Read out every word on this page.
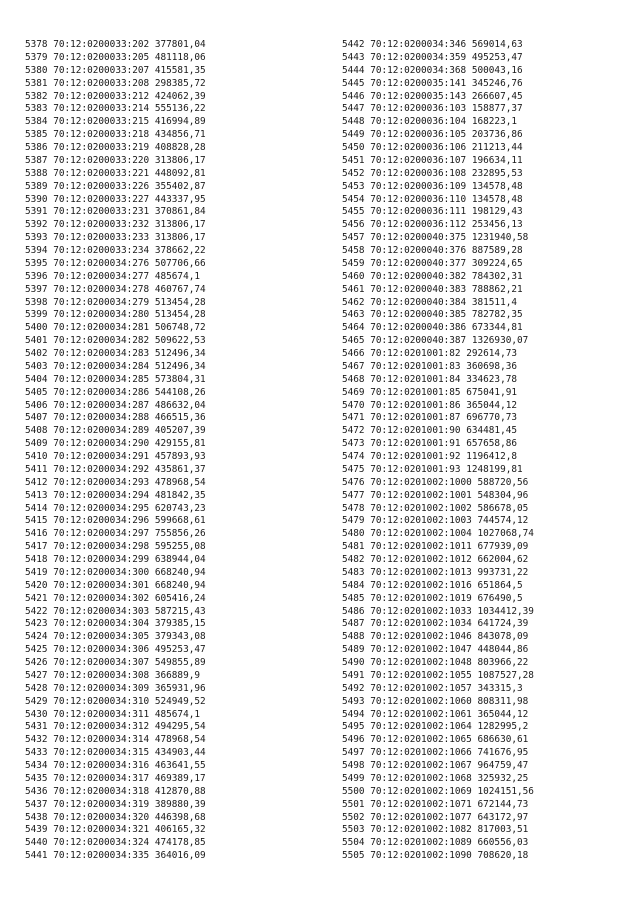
5378 70:12:0200033:202 377801,04
5379 70:12:0200033:205 481118,06
5380 70:12:0200033:207 415581,35
5381 70:12:0200033:208 298385,72
5382 70:12:0200033:212 424062,39
5383 70:12:0200033:214 555136,22
5384 70:12:0200033:215 416994,89
5385 70:12:0200033:218 434856,71
5386 70:12:0200033:219 408828,28
5387 70:12:0200033:220 313806,17
5388 70:12:0200033:221 448092,81
5389 70:12:0200033:226 355402,87
5390 70:12:0200033:227 443337,95
5391 70:12:0200033:231 370861,84
5392 70:12:0200033:232 313806,17
5393 70:12:0200033:233 313806,17
5394 70:12:0200033:234 378662,22
5395 70:12:0200034:276 507706,66
5396 70:12:0200034:277 485674,1
5397 70:12:0200034:278 460767,74
5398 70:12:0200034:279 513454,28
5399 70:12:0200034:280 513454,28
5400 70:12:0200034:281 506748,72
5401 70:12:0200034:282 509622,53
5402 70:12:0200034:283 512496,34
5403 70:12:0200034:284 512496,34
5404 70:12:0200034:285 573804,31
5405 70:12:0200034:286 544108,26
5406 70:12:0200034:287 486632,04
5407 70:12:0200034:288 466515,36
5408 70:12:0200034:289 405207,39
5409 70:12:0200034:290 429155,81
5410 70:12:0200034:291 457893,93
5411 70:12:0200034:292 435861,37
5412 70:12:0200034:293 478968,54
5413 70:12:0200034:294 481842,35
5414 70:12:0200034:295 620743,23
5415 70:12:0200034:296 599668,61
5416 70:12:0200034:297 755856,26
5417 70:12:0200034:298 595255,08
5418 70:12:0200034:299 638944,04
5419 70:12:0200034:300 668240,94
5420 70:12:0200034:301 668240,94
5421 70:12:0200034:302 605416,24
5422 70:12:0200034:303 587215,43
5423 70:12:0200034:304 379385,15
5424 70:12:0200034:305 379343,08
5425 70:12:0200034:306 495253,47
5426 70:12:0200034:307 549855,89
5427 70:12:0200034:308 366889,9
5428 70:12:0200034:309 365931,96
5429 70:12:0200034:310 524949,52
5430 70:12:0200034:311 485674,1
5431 70:12:0200034:312 494295,54
5432 70:12:0200034:314 478968,54
5433 70:12:0200034:315 434903,44
5434 70:12:0200034:316 463641,55
5435 70:12:0200034:317 469389,17
5436 70:12:0200034:318 412870,88
5437 70:12:0200034:319 389880,39
5438 70:12:0200034:320 446398,68
5439 70:12:0200034:321 406165,32
5440 70:12:0200034:324 474178,85
5441 70:12:0200034:335 364016,09
5442 70:12:0200034:346 569014,63
5443 70:12:0200034:359 495253,47
5444 70:12:0200034:368 500043,16
5445 70:12:0200035:141 345246,76
5446 70:12:0200035:143 266607,45
5447 70:12:0200036:103 158877,37
5448 70:12:0200036:104 168223,1
5449 70:12:0200036:105 203736,86
5450 70:12:0200036:106 211213,44
5451 70:12:0200036:107 196634,11
5452 70:12:0200036:108 232895,53
5453 70:12:0200036:109 134578,48
5454 70:12:0200036:110 134578,48
5455 70:12:0200036:111 198129,43
5456 70:12:0200036:112 253456,13
5457 70:12:0200040:375 1231940,58
5458 70:12:0200040:376 887589,28
5459 70:12:0200040:377 309224,65
5460 70:12:0200040:382 784302,31
5461 70:12:0200040:383 788862,21
5462 70:12:0200040:384 381511,4
5463 70:12:0200040:385 782782,35
5464 70:12:0200040:386 673344,81
5465 70:12:0200040:387 1326930,07
5466 70:12:0201001:82 292614,73
5467 70:12:0201001:83 360698,36
5468 70:12:0201001:84 334623,78
5469 70:12:0201001:85 675041,91
5470 70:12:0201001:86 365044,12
5471 70:12:0201001:87 696770,73
5472 70:12:0201001:90 634481,45
5473 70:12:0201001:91 657658,86
5474 70:12:0201001:92 1196412,8
5475 70:12:0201001:93 1248199,81
5476 70:12:0201002:1000 588720,56
5477 70:12:0201002:1001 548304,96
5478 70:12:0201002:1002 586678,05
5479 70:12:0201002:1003 744574,12
5480 70:12:0201002:1004 1027068,74
5481 70:12:0201002:1011 677939,09
5482 70:12:0201002:1012 662004,62
5483 70:12:0201002:1013 993731,22
5484 70:12:0201002:1016 651864,5
5485 70:12:0201002:1019 676490,5
5486 70:12:0201002:1033 1034412,39
5487 70:12:0201002:1034 641724,39
5488 70:12:0201002:1046 843078,09
5489 70:12:0201002:1047 448044,86
5490 70:12:0201002:1048 803966,22
5491 70:12:0201002:1055 1087527,28
5492 70:12:0201002:1057 343315,3
5493 70:12:0201002:1060 808311,98
5494 70:12:0201002:1061 365044,12
5495 70:12:0201002:1064 1282995,2
5496 70:12:0201002:1065 686630,61
5497 70:12:0201002:1066 741676,95
5498 70:12:0201002:1067 964759,47
5499 70:12:0201002:1068 325932,25
5500 70:12:0201002:1069 1024151,56
5501 70:12:0201002:1071 672144,73
5502 70:12:0201002:1077 643172,97
5503 70:12:0201002:1082 817003,51
5504 70:12:0201002:1089 660556,03
5505 70:12:0201002:1090 708620,18
